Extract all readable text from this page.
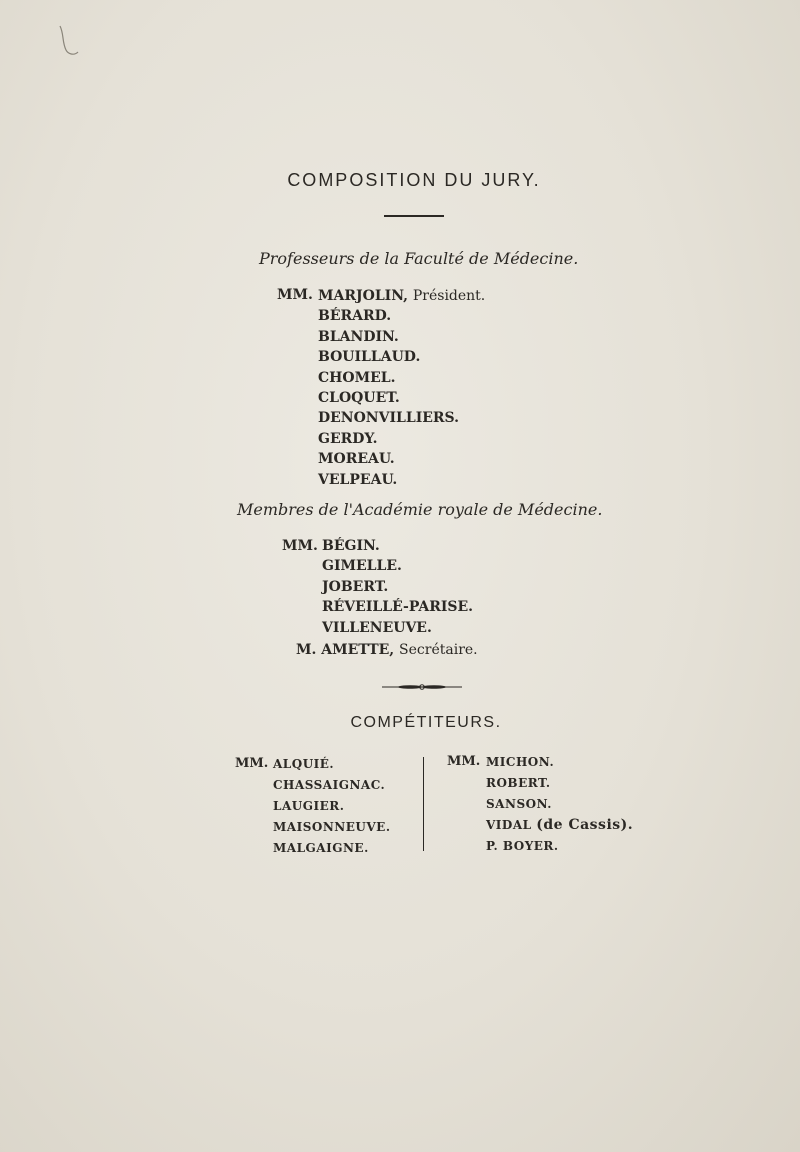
COMPOSITION DU JURY.
Professeurs de la Faculté de Médecine.
MM. MARJOLIN, Président.
BÉRARD.
BLANDIN.
BOUILLAUD.
CHOMEL.
CLOQUET.
DENONVILLIERS.
GERDY.
MOREAU.
VELPEAU.
Membres de l'Académie royale de Médecine.
MM. BÉGIN.
GIMELLE.
JOBERT.
RÉVEILLÉ-PARISE.
VILLENEUVE.
M. AMETTE, Secrétaire.
COMPÉTITEURS.
MM. ALQUIÉ.
CHASSAIGNAC.
LAUGIER.
MAISONNEUVE.
MALGAIGNE.
MM. MICHON.
ROBERT.
SANSON.
VIDAL (de Cassis).
P. BOYER.
